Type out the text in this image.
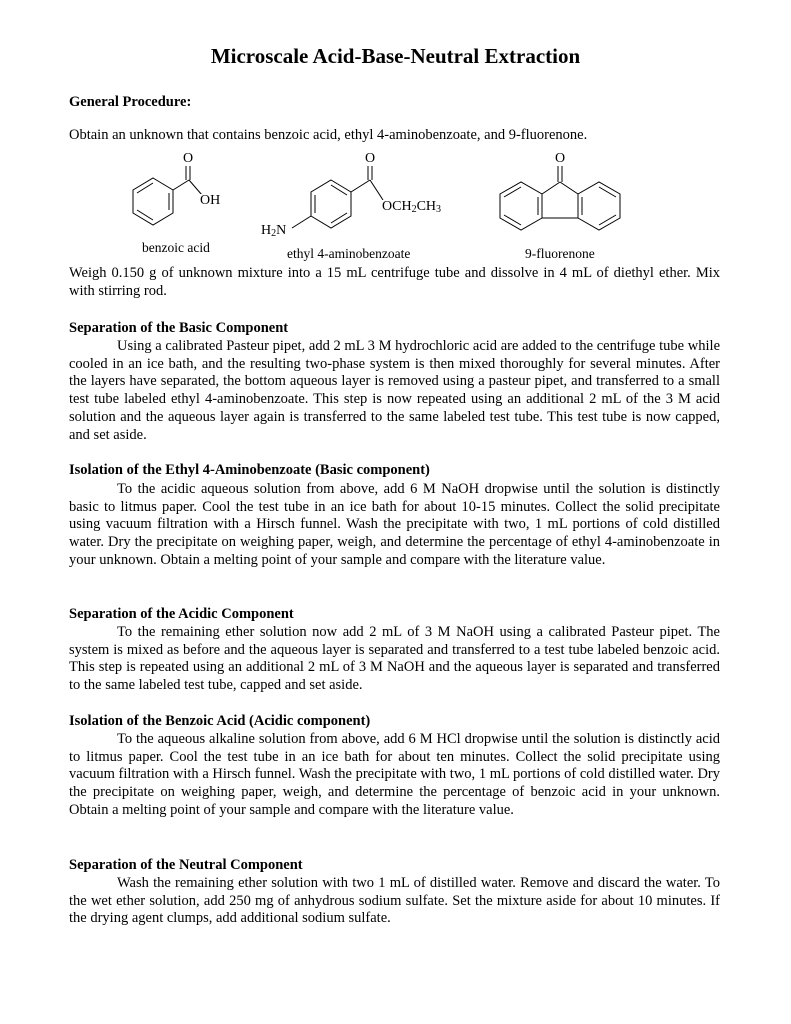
Microscale Acid-Base-Neutral Extraction

General Procedure:

Obtain an unknown that contains benzoic acid, ethyl 4-aminobenzoate, and 9-fluorenone.

O
OH
benzoic acid
O
$OCH_2CH_3$
$H_2N$
ethyl 4-aminobenzoate
O
9-fluorenone

Weigh 0.150 g of unknown mixture into a 15 mL centrifuge tube and dissolve in 4 mL of diethyl ether. Mix with stirring rod.

Separation of the Basic Component

Using a calibrated Pasteur pipet, add 2 mL 3 M hydrochloric acid are added to the centrifuge tube while cooled in an ice bath, and the resulting two-phase system is then mixed thoroughly for several minutes. After the layers have separated, the bottom aqueous layer is removed using a pasteur pipet, and transferred to a small test tube labeled ethyl 4-aminobenzoate. This step is now repeated using an additional 2 mL of the 3 M acid solution and the aqueous layer again is transferred to the same labeled test tube. This test tube is now capped, and set aside.

Isolation of the Ethyl 4-Aminobenzoate (Basic component)

To the acidic aqueous solution from above, add 6 M NaOH dropwise until the solution is distinctly basic to litmus paper. Cool the test tube in an ice bath for about 10-15 minutes. Collect the solid precipitate using vacuum filtration with a Hirsch funnel. Wash the precipitate with two, 1 mL portions of cold distilled water. Dry the precipitate on weighing paper, weigh, and determine the percentage of ethyl 4-aminobenzoate in your unknown. Obtain a melting point of your sample and compare with the literature value.

Separation of the Acidic Component

To the remaining ether solution now add 2 mL of 3 M NaOH using a calibrated Pasteur pipet. The system is mixed as before and the aqueous layer is separated and transferred to a test tube labeled benzoic acid. This step is repeated using an additional 2 mL of 3 M NaOH and the aqueous layer is separated and transferred to the same labeled test tube, capped and set aside.

Isolation of the Benzoic Acid (Acidic component)

To the aqueous alkaline solution from above, add 6 M HCl dropwise until the solution is distinctly acid to litmus paper. Cool the test tube in an ice bath for about ten minutes. Collect the solid precipitate using vacuum filtration with a Hirsch funnel. Wash the precipitate with two, 1 mL portions of cold distilled water. Dry the precipitate on weighing paper, weigh, and determine the percentage of benzoic acid in your unknown. Obtain a melting point of your sample and compare with the literature value.

Separation of the Neutral Component

Wash the remaining ether solution with two 1 mL of distilled water. Remove and discard the water. To the wet ether solution, add 250 mg of anhydrous sodium sulfate. Set the mixture aside for about 10 minutes. If the drying agent clumps, add additional sodium sulfate.
